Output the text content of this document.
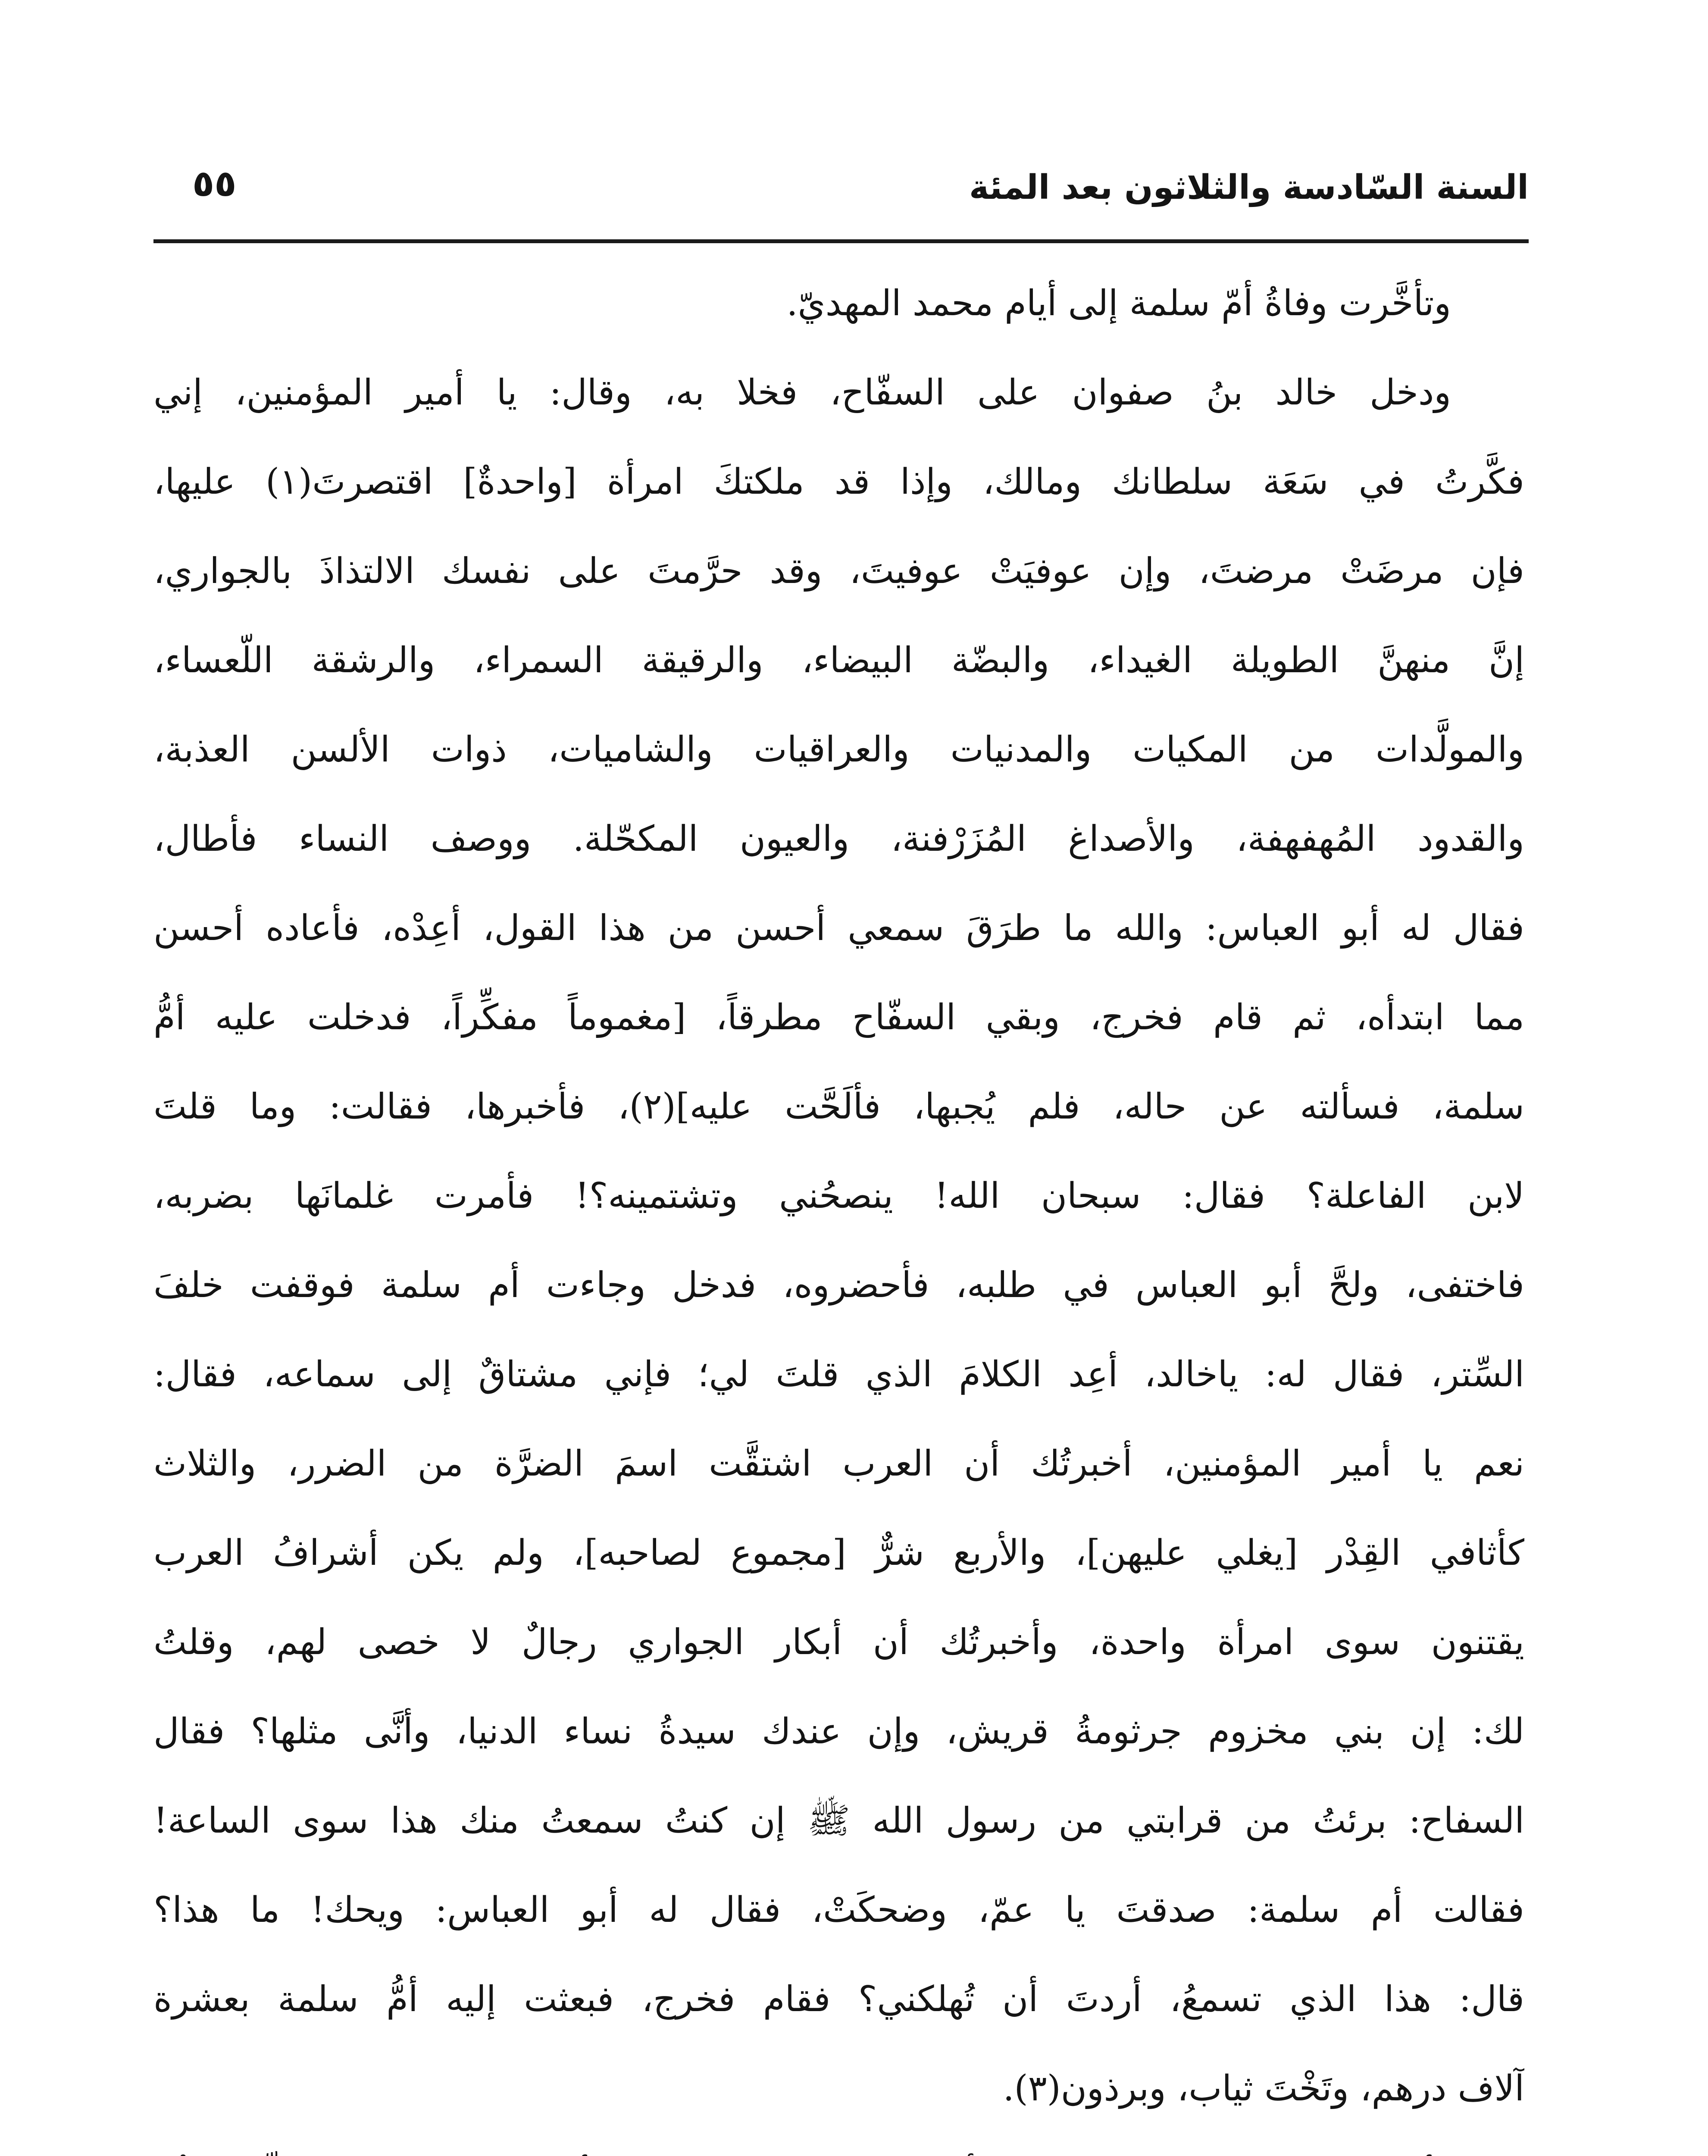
السنة السّادسة والثلاثون بعد المئة
٥٥
وتأخَّرت وفاةُ أمّ سلمة إلى أيام محمد المهديّ.
ودخل خالد بنُ صفوان على السفّاح، فخلا به، وقال: يا أمير المؤمنين، إني
فكَّرتُ في سَعَة سلطانك ومالك، وإذا قد ملكتكَ امرأة [واحدةٌ] اقتصرتَ(١) عليها،
فإن مرضَتْ مرضتَ، وإن عوفيَتْ عوفيتَ، وقد حرَّمتَ على نفسك الالتذاذَ بالجواري،
إنَّ منهنَّ الطويلة الغيداء، والبضّة البيضاء، والرقيقة السمراء، والرشقة اللّعساء،
والمولَّدات من المكيات والمدنيات والعراقيات والشاميات، ذوات الألسن العذبة،
والقدود المُهفهفة، والأصداغ المُزَرْفنة، والعيون المكحّلة. ووصف النساء فأطال،
فقال له أبو العباس: والله ما طرَقَ سمعي أحسن من هذا القول، أعِدْه، فأعاده أحسن
مما ابتدأه، ثم قام فخرج، وبقي السفّاح مطرقاً، [مغموماً مفكِّراً، فدخلت عليه أمُّ
سلمة، فسألته عن حاله، فلم يُجبها، فألَحَّت عليه](٢)، فأخبرها، فقالت: وما قلتَ
لابن الفاعلة؟ فقال: سبحان الله! ينصحُني وتشتمينه؟! فأمرت غلمانَها بضربه،
فاختفى، ولحَّ أبو العباس في طلبه، فأحضروه، فدخل وجاءت أم سلمة فوقفت خلفَ
السِّتر، فقال له: ياخالد، أعِد الكلامَ الذي قلتَ لي؛ فإني مشتاقٌ إلى سماعه، فقال:
نعم يا أمير المؤمنين، أخبرتُك أن العرب اشتقَّت اسمَ الضرَّة من الضرر، والثلاث
كأثافي القِدْر [يغلي عليهن]، والأربع شرٌّ [مجموع لصاحبه]، ولم يكن أشرافُ العرب
يقتنون سوى امرأة واحدة، وأخبرتُك أن أبكار الجواري رجالٌ لا خصى لهم، وقلتُ
لك: إن بني مخزوم جرثومةُ قريش، وإن عندك سيدةُ نساء الدنيا، وأنَّى مثلها؟ فقال
السفاح: برئتُ من قرابتي من رسول الله ﷺ إن كنتُ سمعتُ منك هذا سوى الساعة!
فقالت أم سلمة: صدقتَ يا عمّ، وضحكَتْ، فقال له أبو العباس: ويحك! ما هذا؟
قال: هذا الذي تسمعُ، أردتَ أن تُهلكني؟ فقام فخرج، فبعثت إليه أمُّ سلمة بعشرة
آلاف درهم، وتَخْتَ ثياب، وبرذون(٣).
